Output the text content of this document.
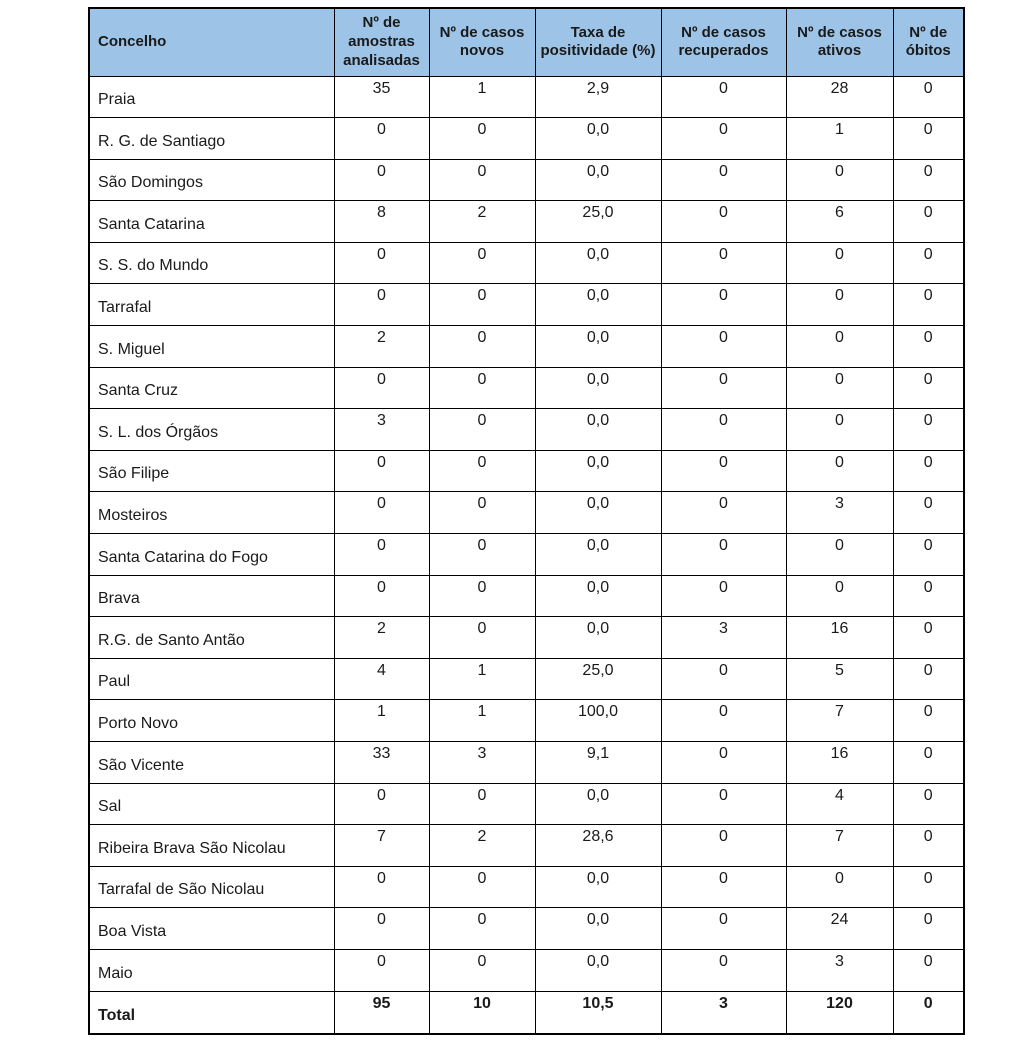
Concelho	Nº de amostras analisadas	Nº de casos novos	Taxa de positividade (%)	Nº de casos recuperados	Nº de casos ativos	Nº de óbitos
Praia	35	1	2,9	0	28	0
R. G. de Santiago	0	0	0,0	0	1	0
São Domingos	0	0	0,0	0	0	0
Santa Catarina	8	2	25,0	0	6	0
S. S. do Mundo	0	0	0,0	0	0	0
Tarrafal	0	0	0,0	0	0	0
S. Miguel	2	0	0,0	0	0	0
Santa Cruz	0	0	0,0	0	0	0
S. L. dos Órgãos	3	0	0,0	0	0	0
São Filipe	0	0	0,0	0	0	0
Mosteiros	0	0	0,0	0	3	0
Santa Catarina do Fogo	0	0	0,0	0	0	0
Brava	0	0	0,0	0	0	0
R.G. de Santo Antão	2	0	0,0	3	16	0
Paul	4	1	25,0	0	5	0
Porto Novo	1	1	100,0	0	7	0
São Vicente	33	3	9,1	0	16	0
Sal	0	0	0,0	0	4	0
Ribeira Brava São Nicolau	7	2	28,6	0	7	0
Tarrafal de São Nicolau	0	0	0,0	0	0	0
Boa Vista	0	0	0,0	0	24	0
Maio	0	0	0,0	0	3	0
Total	95	10	10,5	3	120	0
